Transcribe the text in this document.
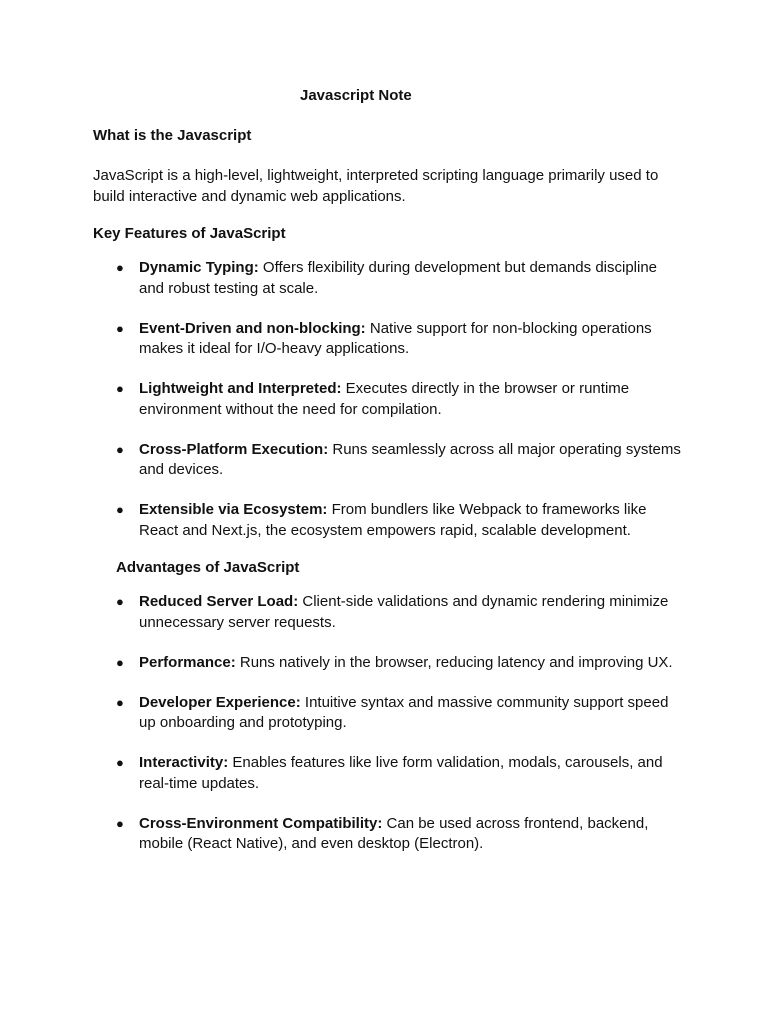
Javascript Note
What is the Javascript

JavaScript is a high-level, lightweight, interpreted scripting language primarily used to build interactive and dynamic web applications.

Key Features of JavaScript
● Dynamic Typing: Offers flexibility during development but demands discipline and robust testing at scale.
● Event-Driven and non-blocking: Native support for non-blocking operations makes it ideal for I/O-heavy applications.
● Lightweight and Interpreted: Executes directly in the browser or runtime environment without the need for compilation.
● Cross-Platform Execution: Runs seamlessly across all major operating systems and devices.
● Extensible via Ecosystem: From bundlers like Webpack to frameworks like React and Next.js, the ecosystem empowers rapid, scalable development.
Advantages of JavaScript
● Reduced Server Load: Client-side validations and dynamic rendering minimize unnecessary server requests.
● Performance: Runs natively in the browser, reducing latency and improving UX.
● Developer Experience: Intuitive syntax and massive community support speed up onboarding and prototyping.
● Interactivity: Enables features like live form validation, modals, carousels, and real-time updates.
● Cross-Environment Compatibility: Can be used across frontend, backend, mobile (React Native), and even desktop (Electron).
